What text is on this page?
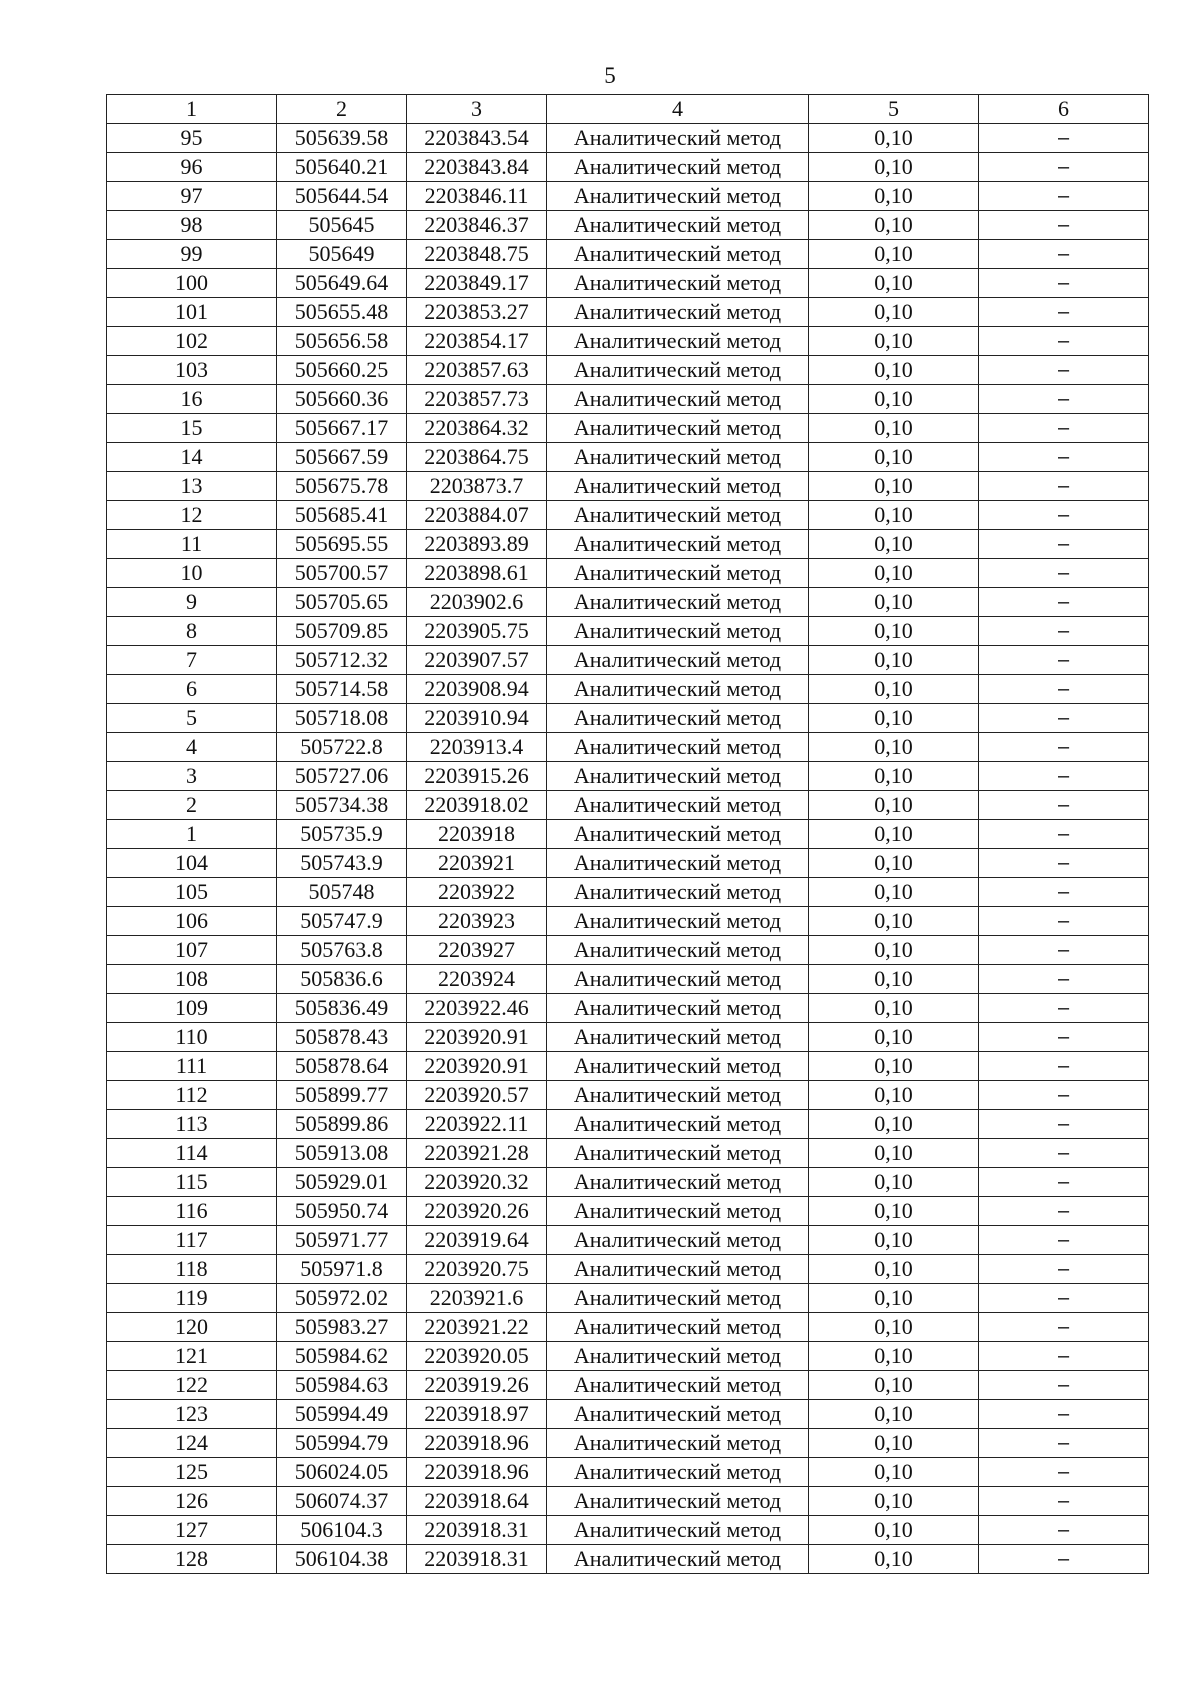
5
1	2	3	4	5	6
95	505639.58	2203843.54	Аналитический метод	0,10	–
96	505640.21	2203843.84	Аналитический метод	0,10	–
97	505644.54	2203846.11	Аналитический метод	0,10	–
98	505645	2203846.37	Аналитический метод	0,10	–
99	505649	2203848.75	Аналитический метод	0,10	–
100	505649.64	2203849.17	Аналитический метод	0,10	–
101	505655.48	2203853.27	Аналитический метод	0,10	–
102	505656.58	2203854.17	Аналитический метод	0,10	–
103	505660.25	2203857.63	Аналитический метод	0,10	–
16	505660.36	2203857.73	Аналитический метод	0,10	–
15	505667.17	2203864.32	Аналитический метод	0,10	–
14	505667.59	2203864.75	Аналитический метод	0,10	–
13	505675.78	2203873.7	Аналитический метод	0,10	–
12	505685.41	2203884.07	Аналитический метод	0,10	–
11	505695.55	2203893.89	Аналитический метод	0,10	–
10	505700.57	2203898.61	Аналитический метод	0,10	–
9	505705.65	2203902.6	Аналитический метод	0,10	–
8	505709.85	2203905.75	Аналитический метод	0,10	–
7	505712.32	2203907.57	Аналитический метод	0,10	–
6	505714.58	2203908.94	Аналитический метод	0,10	–
5	505718.08	2203910.94	Аналитический метод	0,10	–
4	505722.8	2203913.4	Аналитический метод	0,10	–
3	505727.06	2203915.26	Аналитический метод	0,10	–
2	505734.38	2203918.02	Аналитический метод	0,10	–
1	505735.9	2203918	Аналитический метод	0,10	–
104	505743.9	2203921	Аналитический метод	0,10	–
105	505748	2203922	Аналитический метод	0,10	–
106	505747.9	2203923	Аналитический метод	0,10	–
107	505763.8	2203927	Аналитический метод	0,10	–
108	505836.6	2203924	Аналитический метод	0,10	–
109	505836.49	2203922.46	Аналитический метод	0,10	–
110	505878.43	2203920.91	Аналитический метод	0,10	–
111	505878.64	2203920.91	Аналитический метод	0,10	–
112	505899.77	2203920.57	Аналитический метод	0,10	–
113	505899.86	2203922.11	Аналитический метод	0,10	–
114	505913.08	2203921.28	Аналитический метод	0,10	–
115	505929.01	2203920.32	Аналитический метод	0,10	–
116	505950.74	2203920.26	Аналитический метод	0,10	–
117	505971.77	2203919.64	Аналитический метод	0,10	–
118	505971.8	2203920.75	Аналитический метод	0,10	–
119	505972.02	2203921.6	Аналитический метод	0,10	–
120	505983.27	2203921.22	Аналитический метод	0,10	–
121	505984.62	2203920.05	Аналитический метод	0,10	–
122	505984.63	2203919.26	Аналитический метод	0,10	–
123	505994.49	2203918.97	Аналитический метод	0,10	–
124	505994.79	2203918.96	Аналитический метод	0,10	–
125	506024.05	2203918.96	Аналитический метод	0,10	–
126	506074.37	2203918.64	Аналитический метод	0,10	–
127	506104.3	2203918.31	Аналитический метод	0,10	–
128	506104.38	2203918.31	Аналитический метод	0,10	–
